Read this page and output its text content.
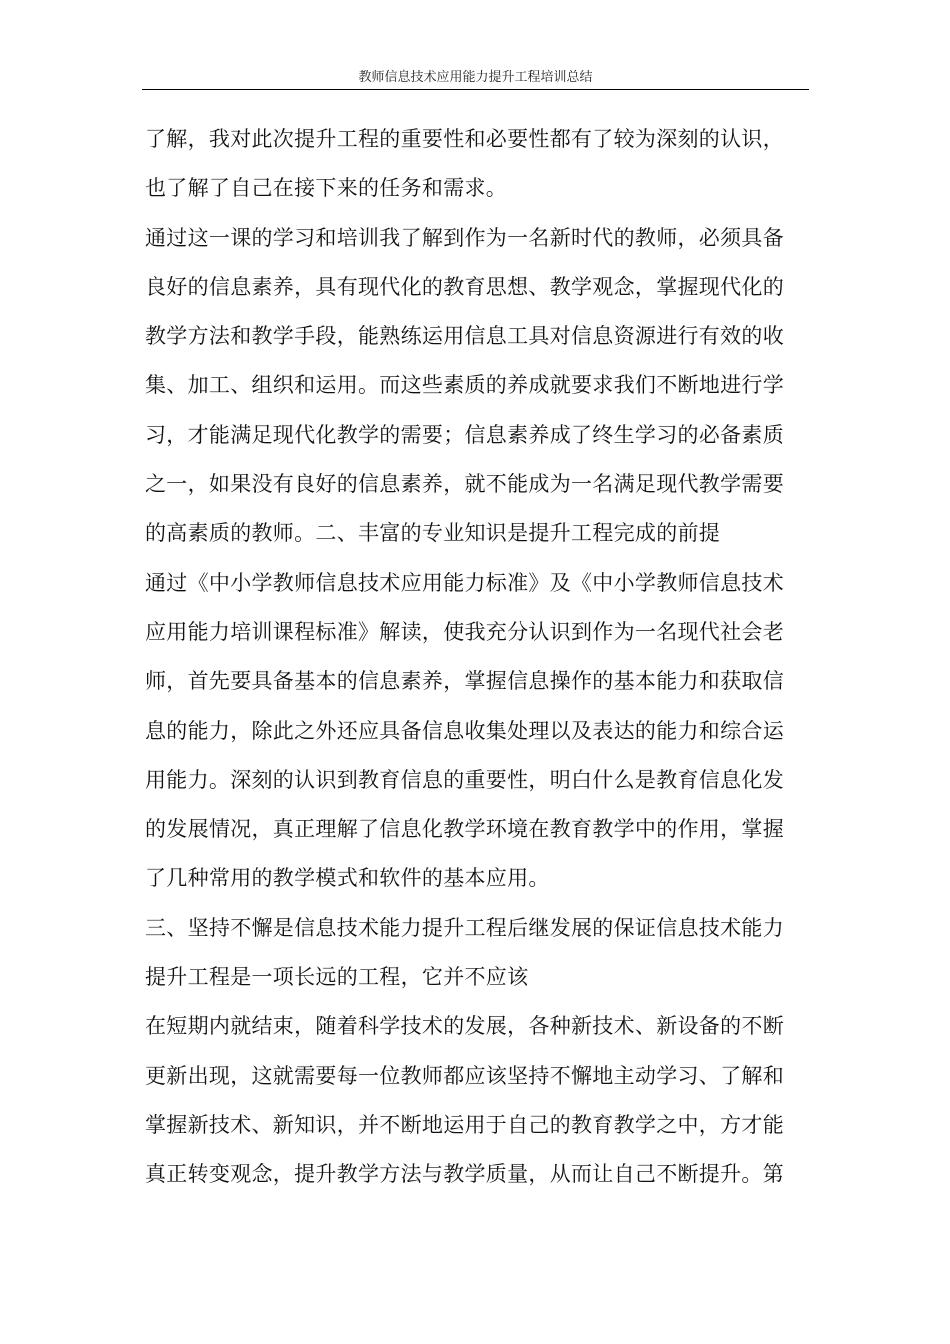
教师信息技术应用能力提升工程培训总结
了解，我对此次提升工程的重要性和必要性都有了较为深刻的认识，
也了解了自己在接下来的任务和需求。
通过这一课的学习和培训我了解到作为一名新时代的教师，必须具备
良好的信息素养，具有现代化的教育思想、教学观念，掌握现代化的
教学方法和教学手段，能熟练运用信息工具对信息资源进行有效的收
集、加工、组织和运用。而这些素质的养成就要求我们不断地进行学
习，才能满足现代化教学的需要；信息素养成了终生学习的必备素质
之一，如果没有良好的信息素养，就不能成为一名满足现代教学需要
的高素质的教师。二、丰富的专业知识是提升工程完成的前提
通过《中小学教师信息技术应用能力标准》及《中小学教师信息技术
应用能力培训课程标准》解读，使我充分认识到作为一名现代社会老
师，首先要具备基本的信息素养，掌握信息操作的基本能力和获取信
息的能力，除此之外还应具备信息收集处理以及表达的能力和综合运
用能力。深刻的认识到教育信息的重要性，明白什么是教育信息化发
的发展情况，真正理解了信息化教学环境在教育教学中的作用，掌握
了几种常用的教学模式和软件的基本应用。
三、坚持不懈是信息技术能力提升工程后继发展的保证信息技术能力
提升工程是一项长远的工程，它并不应该
在短期内就结束，随着科学技术的发展，各种新技术、新设备的不断
更新出现，这就需要每一位教师都应该坚持不懈地主动学习、了解和
掌握新技术、新知识，并不断地运用于自己的教育教学之中，方才能
真正转变观念，提升教学方法与教学质量，从而让自己不断提升。第
